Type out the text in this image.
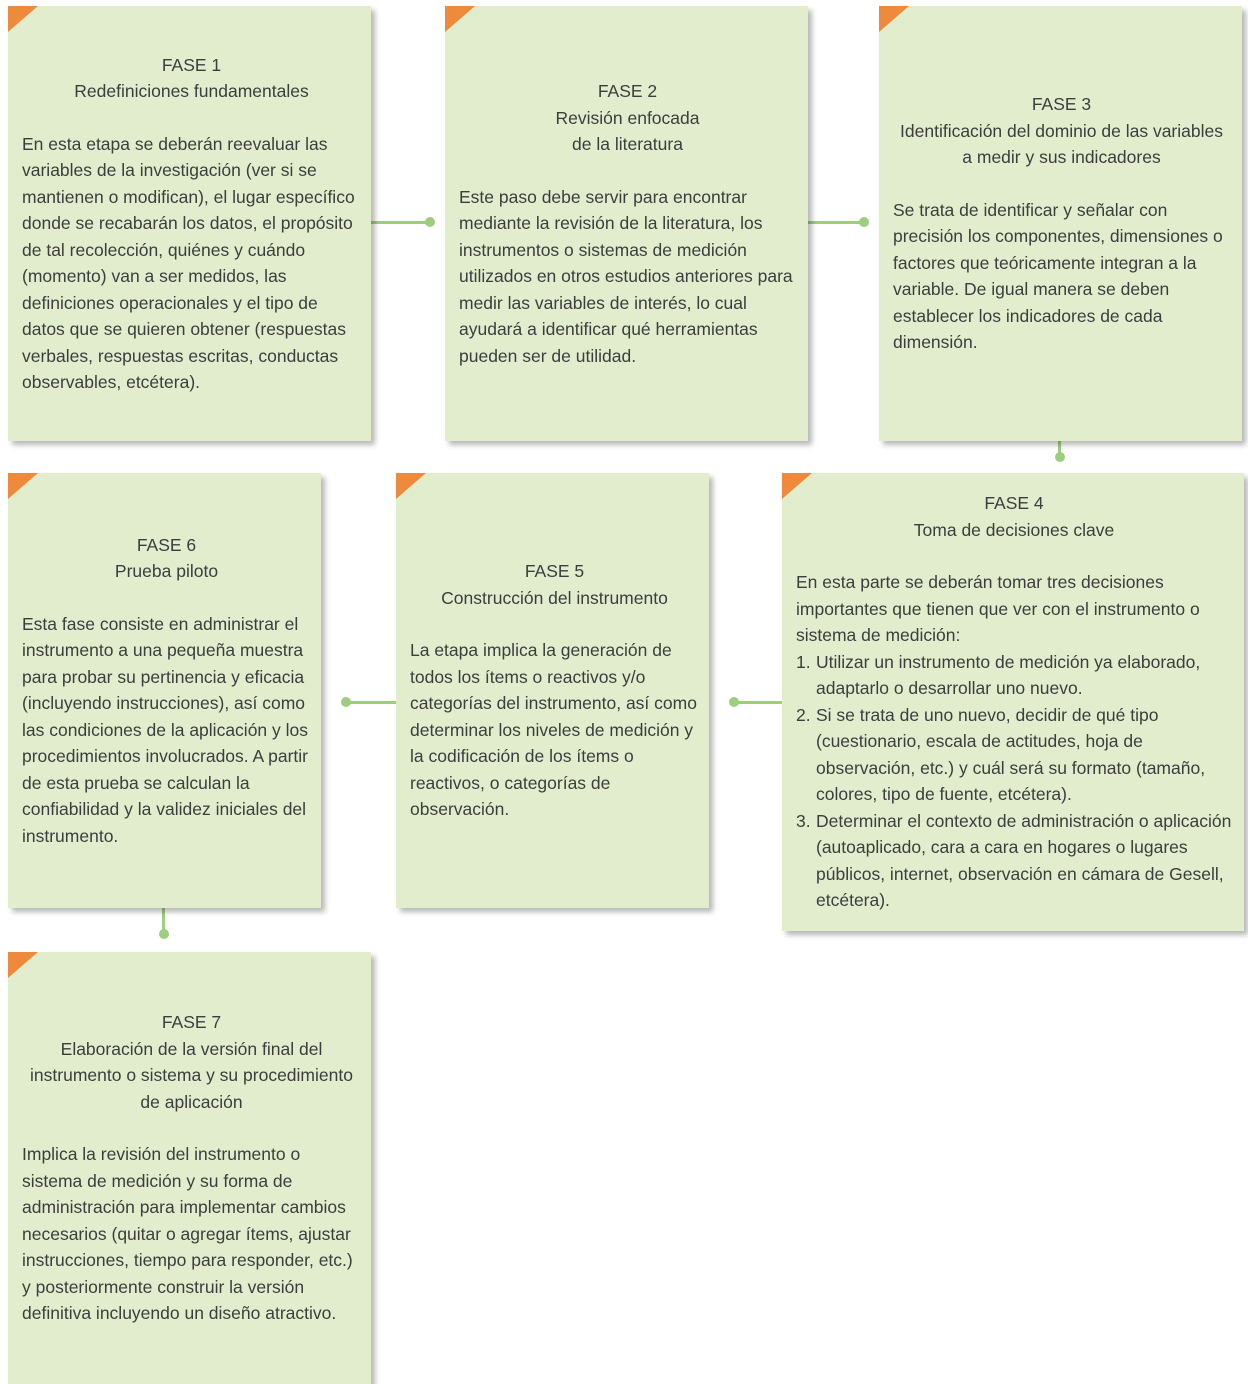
FASE 1
Redefiniciones fundamentales
En esta etapa se deberán reevaluar las variables de la investigación (ver si se mantienen o modifican), el lugar específico donde se recabarán los datos, el propósito de tal recolección, quiénes y cuándo (momento) van a ser medidos, las definiciones operacionales y el tipo de datos que se quieren obtener (respuestas verbales, respuestas escritas, conductas observables, etcétera).
FASE 2
Revisión enfocada
de la literatura
Este paso debe servir para encontrar mediante la revisión de la literatura, los instrumentos o sistemas de medición utilizados en otros estudios anteriores para medir las variables de interés, lo cual ayudará a identificar qué herramientas pueden ser de utilidad.
FASE 3
Identificación del dominio de las variables
a medir y sus indicadores
Se trata de identificar y señalar con precisión los componentes, dimensiones o factores que teóricamente integran a la variable. De igual manera se deben establecer los indicadores de cada dimensión.
FASE 6
Prueba piloto
Esta fase consiste en administrar el instrumento a una pequeña muestra para probar su pertinencia y eficacia (incluyendo instrucciones), así como las condiciones de la aplicación y los procedimientos involucrados. A partir de esta prueba se calculan la confiabilidad y la validez iniciales del instrumento.
FASE 5
Construcción del instrumento
La etapa implica la generación de todos los ítems o reactivos y/o categorías del instrumento, así como determinar los niveles de medición y la codificación de los ítems o reactivos, o categorías de observación.
FASE 4
Toma de decisiones clave
En esta parte se deberán tomar tres decisiones importantes que tienen que ver con el instrumento o sistema de medición:
1. Utilizar un instrumento de medición ya elaborado, adaptarlo o desarrollar uno nuevo.
2. Si se trata de uno nuevo, decidir de qué tipo (cuestionario, escala de actitudes, hoja de observación, etc.) y cuál será su formato (tamaño, colores, tipo de fuente, etcétera).
3. Determinar el contexto de administración o aplicación (autoaplicado, cara a cara en hogares o lugares públicos, internet, observación en cámara de Gesell, etcétera).
FASE 7
Elaboración de la versión final del
instrumento o sistema y su procedimiento
de aplicación
Implica la revisión del instrumento o sistema de medición y su forma de administración para implementar cambios necesarios (quitar o agregar ítems, ajustar instrucciones, tiempo para responder, etc.) y posteriormente construir la versión definitiva incluyendo un diseño atractivo.
